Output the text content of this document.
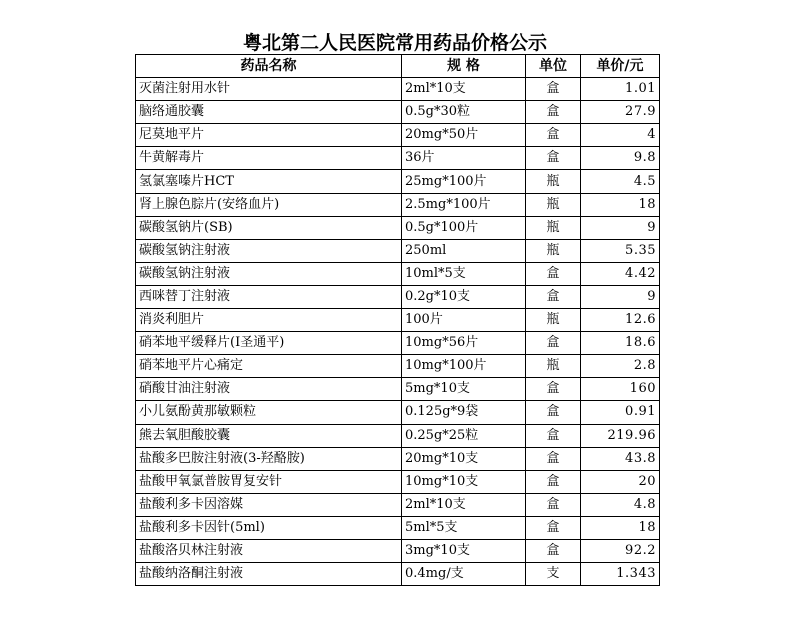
粤北第二人民医院常用药品价格公示
药品名称	规 格	单位	单价/元
灭菌注射用水针	2ml*10支	盒	1.01
脑络通胶囊	0.5g*30粒	盒	27.9
尼莫地平片	20mg*50片	盒	4
牛黄解毒片	36片	盒	9.8
氢氯塞嗪片HCT	25mg*100片	瓶	4.5
肾上腺色腙片(安络血片)	2.5mg*100片	瓶	18
碳酸氢钠片(SB)	0.5g*100片	瓶	9
碳酸氢钠注射液	250ml	瓶	5.35
碳酸氢钠注射液	10ml*5支	盒	4.42
西咪替丁注射液	0.2g*10支	盒	9
消炎利胆片	100片	瓶	12.6
硝苯地平缓释片(I圣通平)	10mg*56片	盒	18.6
硝苯地平片心痛定	10mg*100片	瓶	2.8
硝酸甘油注射液	5mg*10支	盒	160
小儿氨酚黄那敏颗粒	0.125g*9袋	盒	0.91
熊去氧胆酸胶囊	0.25g*25粒	盒	219.96
盐酸多巴胺注射液(3-羟酪胺)	20mg*10支	盒	43.8
盐酸甲氧氯普胺胃复安针	10mg*10支	盒	20
盐酸利多卡因溶媒	2ml*10支	盒	4.8
盐酸利多卡因针(5ml)	5ml*5支	盒	18
盐酸洛贝林注射液	3mg*10支	盒	92.2
盐酸纳洛酮注射液	0.4mg/支	支	1.343
